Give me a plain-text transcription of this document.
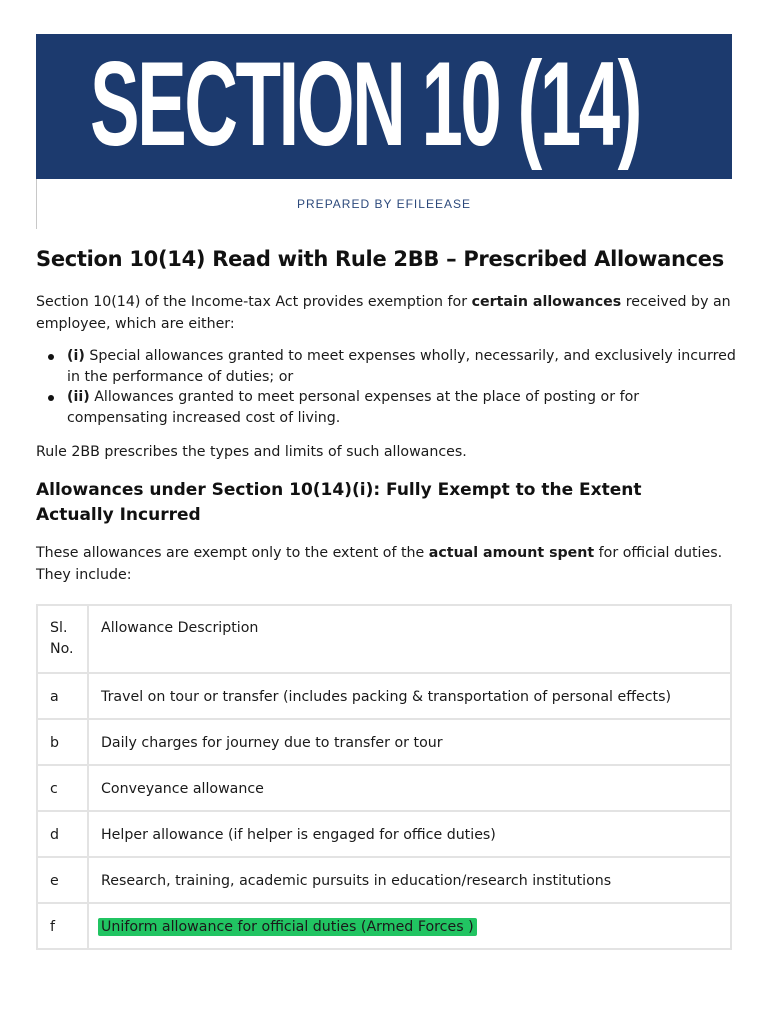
SECTION 10 (14)
PREPARED BY EFILEEASE
Section 10(14) Read with Rule 2BB – Prescribed Allowances

Section 10(14) of the Income-tax Act provides exemption for certain allowances received by an employee, which are either:

(i) Special allowances granted to meet expenses wholly, necessarily, and exclusively incurred in the performance of duties; or
(ii) Allowances granted to meet personal expenses at the place of posting or for compensating increased cost of living.

Rule 2BB prescribes the types and limits of such allowances.

Allowances under Section 10(14)(i): Fully Exempt to the Extent Actually Incurred

These allowances are exempt only to the extent of the actual amount spent for official duties. They include:

Sl. No.	Allowance Description
a	Travel on tour or transfer (includes packing & transportation of personal effects)
b	Daily charges for journey due to transfer or tour
c	Conveyance allowance
d	Helper allowance (if helper is engaged for office duties)
e	Research, training, academic pursuits in education/research institutions
f	Uniform allowance for official duties (Armed Forces )
